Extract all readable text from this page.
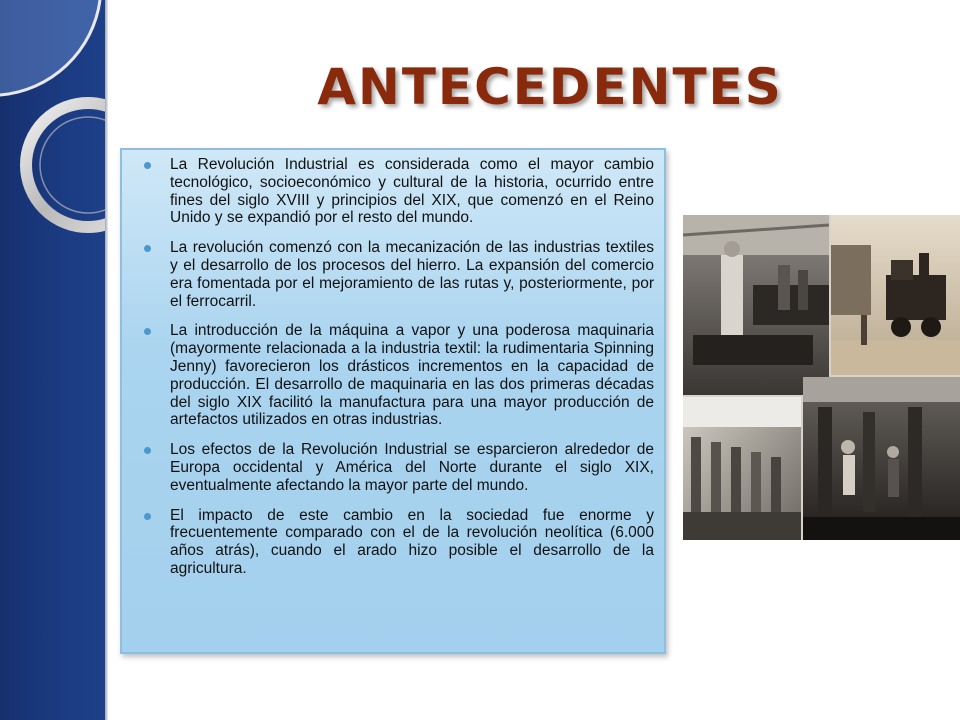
ANTECEDENTES
La Revolución Industrial es considerada como el mayor cambio tecnológico, socioeconómico y cultural de la historia, ocurrido entre fines del siglo XVIII y principios del XIX, que comenzó en el Reino Unido y se expandió por el resto del mundo.
La revolución comenzó con la mecanización de las industrias textiles y el desarrollo de los procesos del hierro. La expansión del comercio era fomentada por el mejoramiento de las rutas y, posteriormente, por el ferrocarril.
La introducción de la máquina a vapor y una poderosa maquinaria (mayormente relacionada a la industria textil: la rudimentaria Spinning Jenny) favorecieron los drásticos incrementos en la capacidad de producción. El desarrollo de maquinaria en las dos primeras décadas del siglo XIX facilitó la manufactura para una mayor producción de artefactos utilizados en otras industrias.
Los efectos de la Revolución Industrial se esparcieron alrededor de Europa occidental y América del Norte durante el siglo XIX, eventualmente afectando la mayor parte del mundo.
El impacto de este cambio en la sociedad fue enorme y frecuentemente comparado con el de la revolución neolítica (6.000 años atrás), cuando el arado hizo posible el desarrollo de la agricultura.
